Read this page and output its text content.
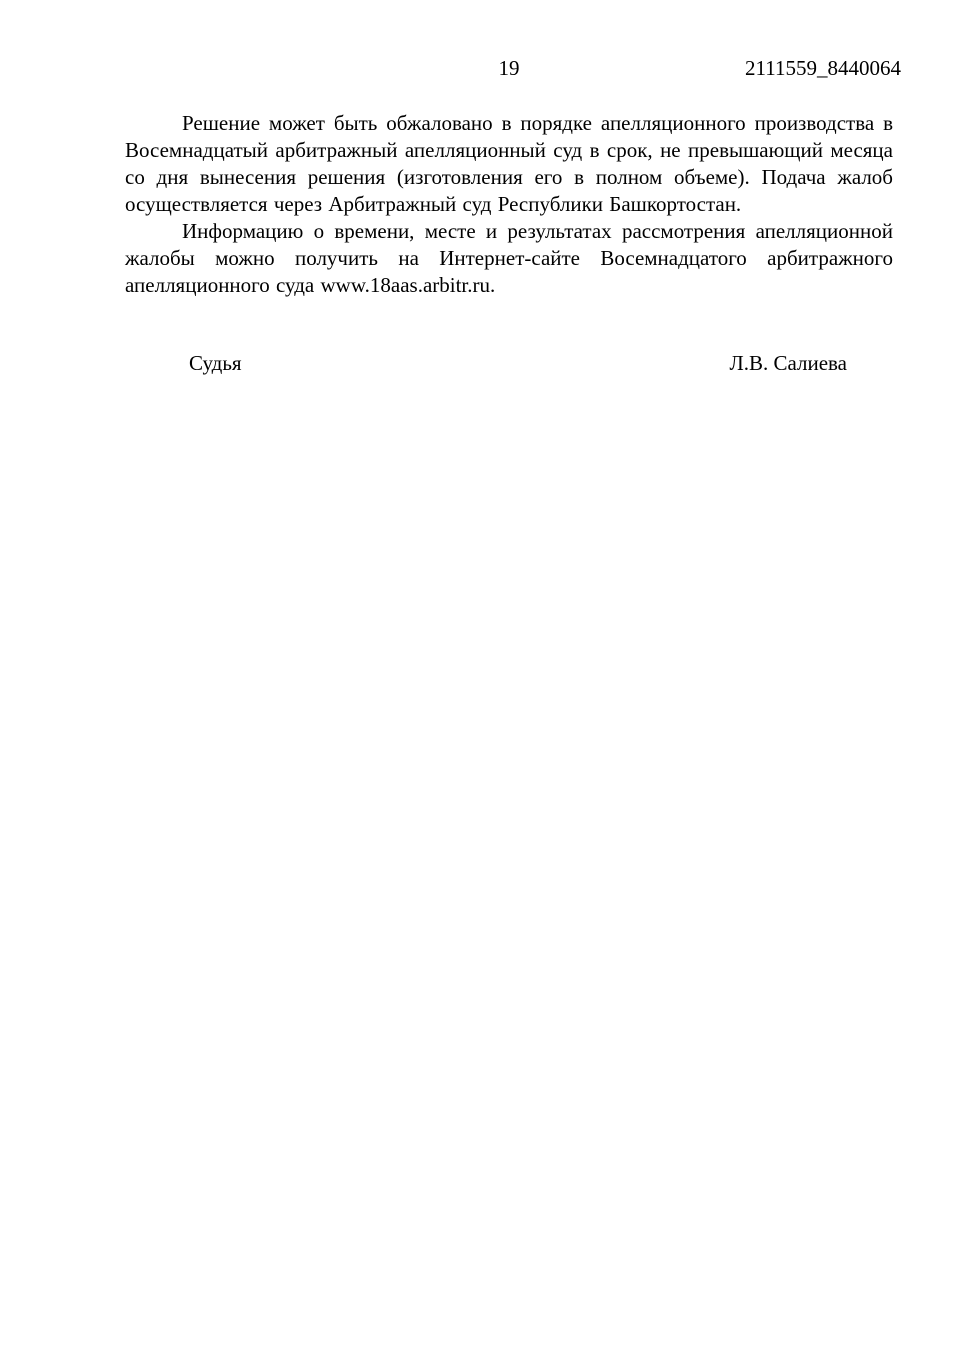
19	2111559_8440064

Решение может быть обжаловано в порядке апелляционного производства в Восемнадцатый арбитражный апелляционный суд в срок, не превышающий месяца со дня вынесения решения (изготовления его в полном объеме). Подача жалоб осуществляется через Арбитражный суд Республики Башкортостан.

Информацию о времени, месте и результатах рассмотрения апелляционной жалобы можно получить на Интернет-сайте Восемнадцатого арбитражного апелляционного суда www.18aas.arbitr.ru.

Судья	Л.В. Салиева
